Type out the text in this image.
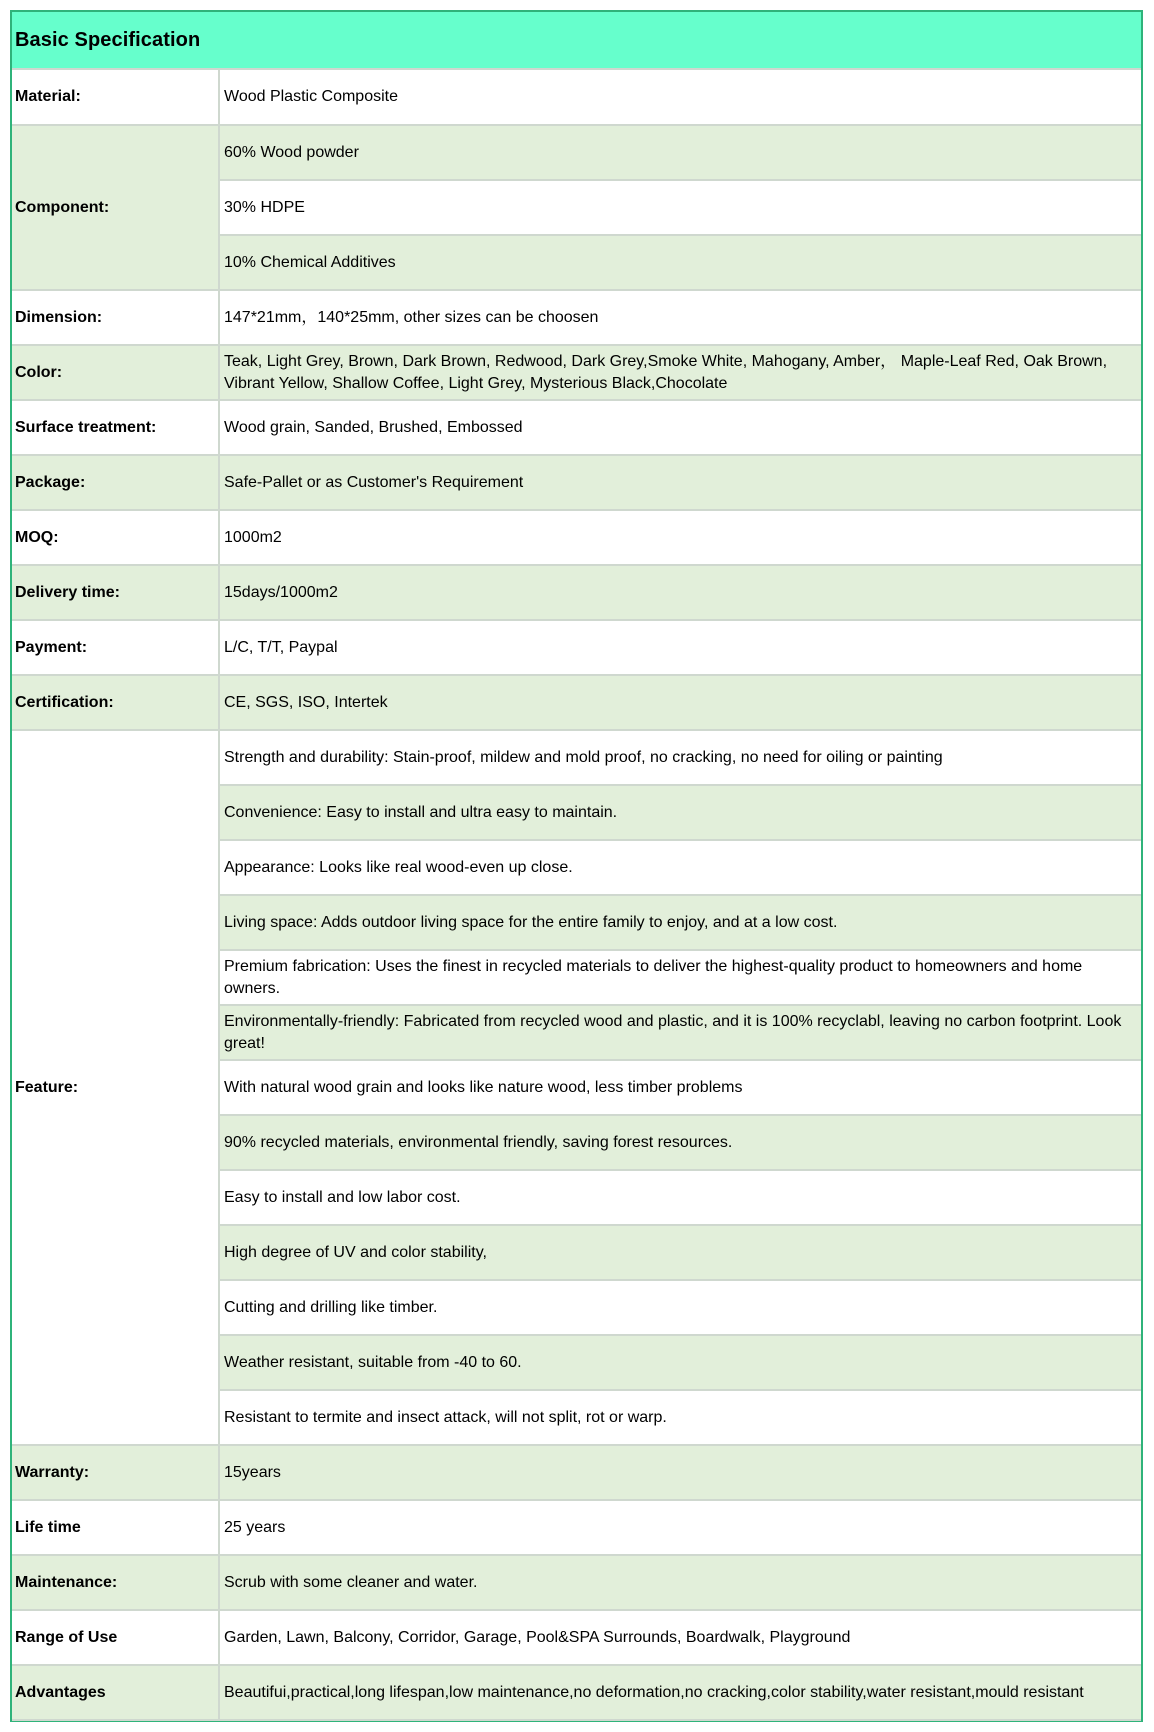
Basic Specification
Material:	Wood Plastic Composite
Component:	60% Wood powder
	30% HDPE
	10% Chemical Additives
Dimension:	147*21mm，140*25mm, other sizes can be choosen
Color:	Teak, Light Grey, Brown, Dark Brown, Redwood, Dark Grey,Smoke White, Mahogany, Amber， Maple-Leaf Red, Oak Brown, Vibrant Yellow, Shallow Coffee, Light Grey, Mysterious Black,Chocolate
Surface treatment:	Wood grain, Sanded, Brushed, Embossed
Package:	Safe-Pallet or as Customer's Requirement
MOQ:	1000m2
Delivery time:	15days/1000m2
Payment:	L/C, T/T, Paypal
Certification:	CE, SGS, ISO, Intertek
Feature:	Strength and durability: Stain-proof, mildew and mold proof, no cracking, no need for oiling or painting
	Convenience: Easy to install and ultra easy to maintain.
	Appearance: Looks like real wood-even up close.
	Living space: Adds outdoor living space for the entire family to enjoy, and at a low cost.
	Premium fabrication: Uses the finest in recycled materials to deliver the highest-quality product to homeowners and home owners.
	Environmentally-friendly: Fabricated from recycled wood and plastic, and it is 100% recyclabl, leaving no carbon footprint. Look great!
	With natural wood grain and looks like nature wood, less timber problems
	90% recycled materials, environmental friendly, saving forest resources.
	Easy to install and low labor cost.
	High degree of UV and color stability,
	Cutting and drilling like timber.
	Weather resistant, suitable from -40 to 60.
	Resistant to termite and insect attack, will not split, rot or warp.
Warranty:	15years
Life time	25 years
Maintenance:	Scrub with some cleaner and water.
Range of Use	Garden, Lawn, Balcony, Corridor, Garage, Pool&SPA Surrounds, Boardwalk, Playground
Advantages	Beautifui,practical,long lifespan,low maintenance,no deformation,no cracking,color stability,water resistant,mould resistant
